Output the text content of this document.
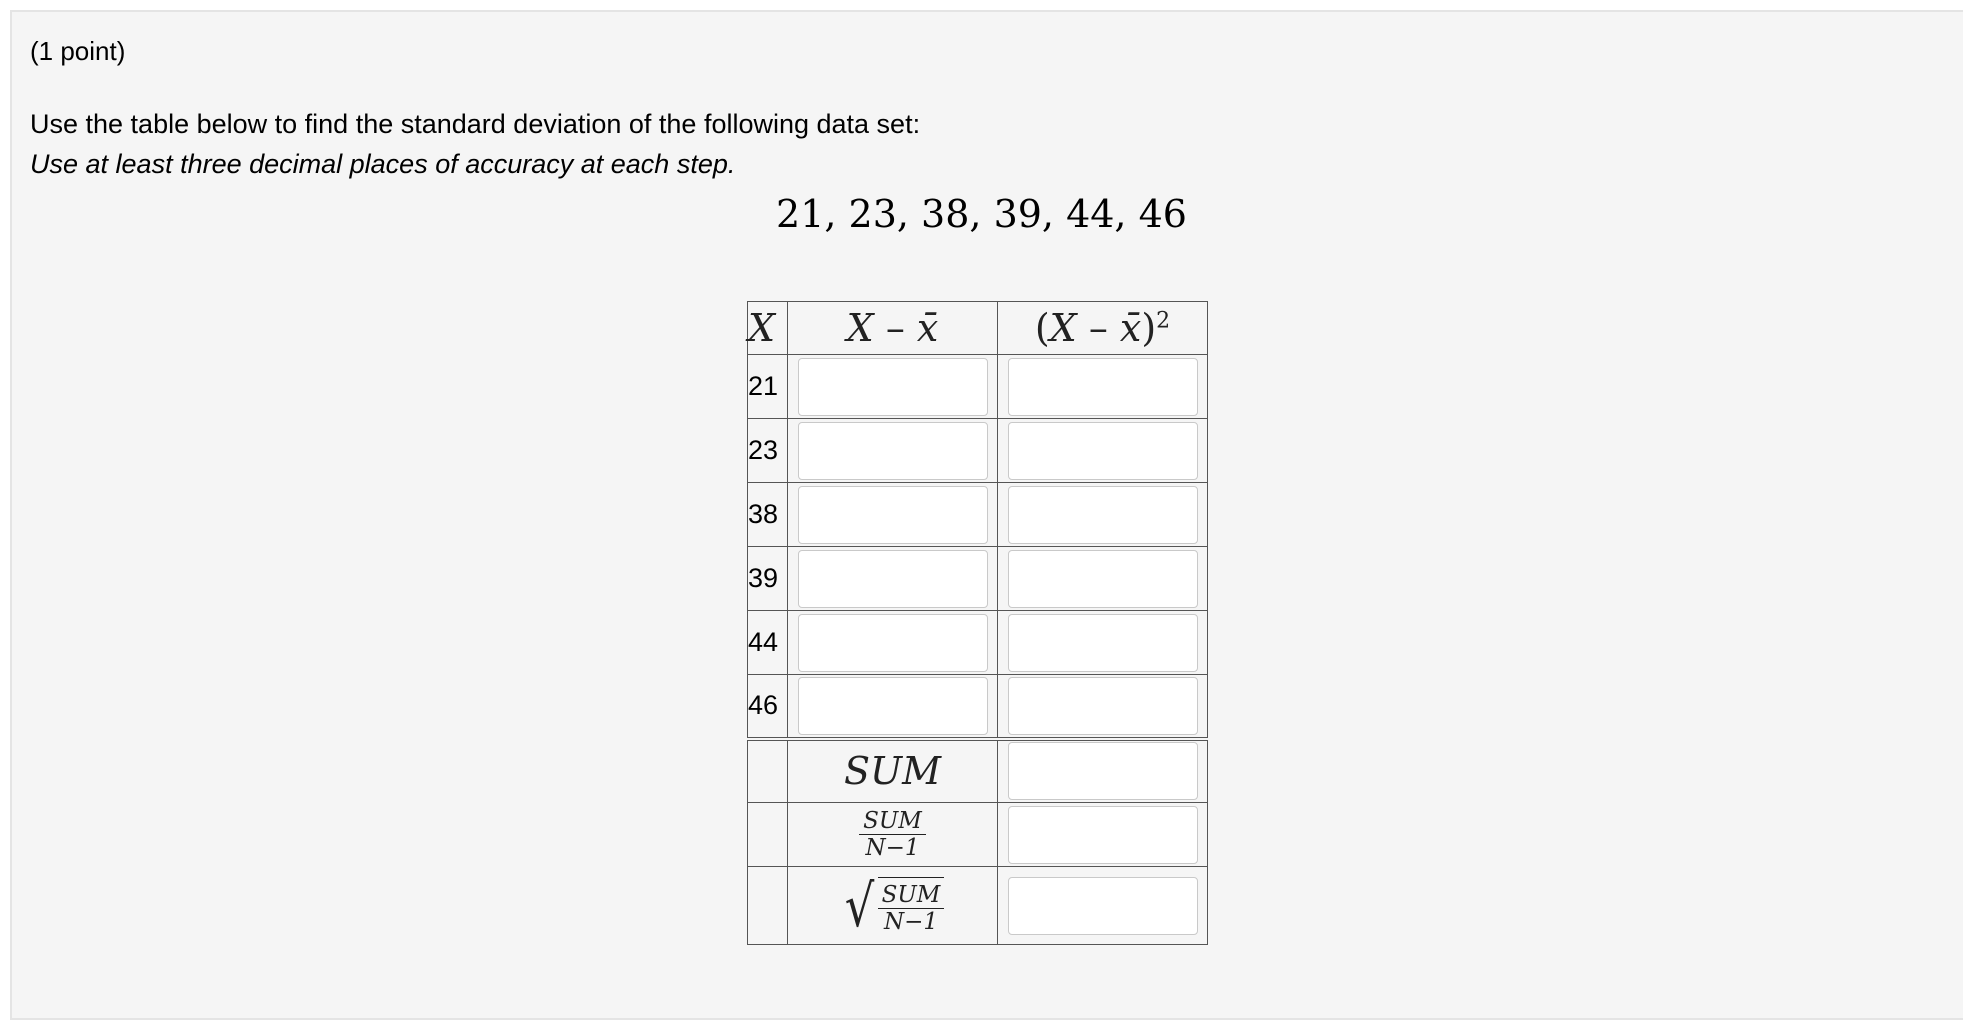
(1 point)
Use the table below to find the standard deviation of the following data set:
Use at least three decimal places of accuracy at each step.
21, 23, 38, 39, 44, 46
X	X – x̄	(X – x̄)$^2$
21	

23	

38	

39	

44	

46	

	SUM	

	$\frac{\text{SUM}}{N-1}$

	√ $\frac{\text{SUM}}{N-1}$
